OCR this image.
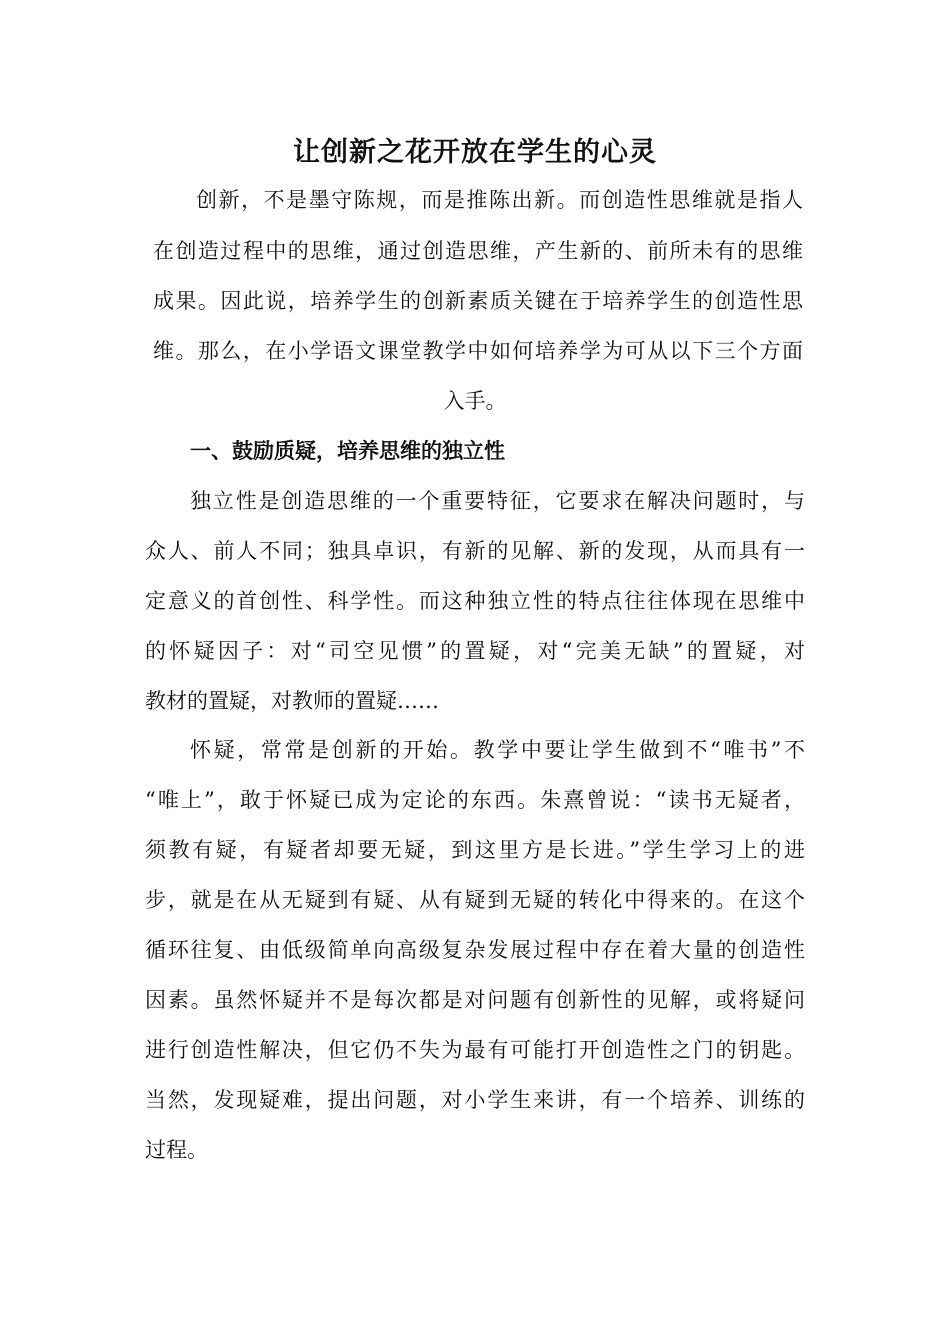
让创新之花开放在学生的心灵
创新，不是墨守陈规，而是推陈出新。而创造性思维就是指人
在创造过程中的思维，通过创造思维，产生新的、前所未有的思维
成果。因此说，培养学生的创新素质关键在于培养学生的创造性思
维。那么，在小学语文课堂教学中如何培养学为可从以下三个方面
入手。
一、鼓励质疑，培养思维的独立性
独立性是创造思维的一个重要特征，它要求在解决问题时，与
众人、前人不同；独具卓识，有新的见解、新的发现，从而具有一
定意义的首创性、科学性。而这种独立性的特点往往体现在思维中
的怀疑因子：对“司空见惯”的置疑，对“完美无缺”的置疑，对
教材的置疑，对教师的置疑……
怀疑，常常是创新的开始。教学中要让学生做到不“唯书”不
“唯上”，敢于怀疑已成为定论的东西。朱熹曾说：“读书无疑者，
须教有疑，有疑者却要无疑，到这里方是长进。”学生学习上的进
步，就是在从无疑到有疑、从有疑到无疑的转化中得来的。在这个
循环往复、由低级简单向高级复杂发展过程中存在着大量的创造性
因素。虽然怀疑并不是每次都是对问题有创新性的见解，或将疑问
进行创造性解决，但它仍不失为最有可能打开创造性之门的钥匙。
当然，发现疑难，提出问题，对小学生来讲，有一个培养、训练的
过程。
